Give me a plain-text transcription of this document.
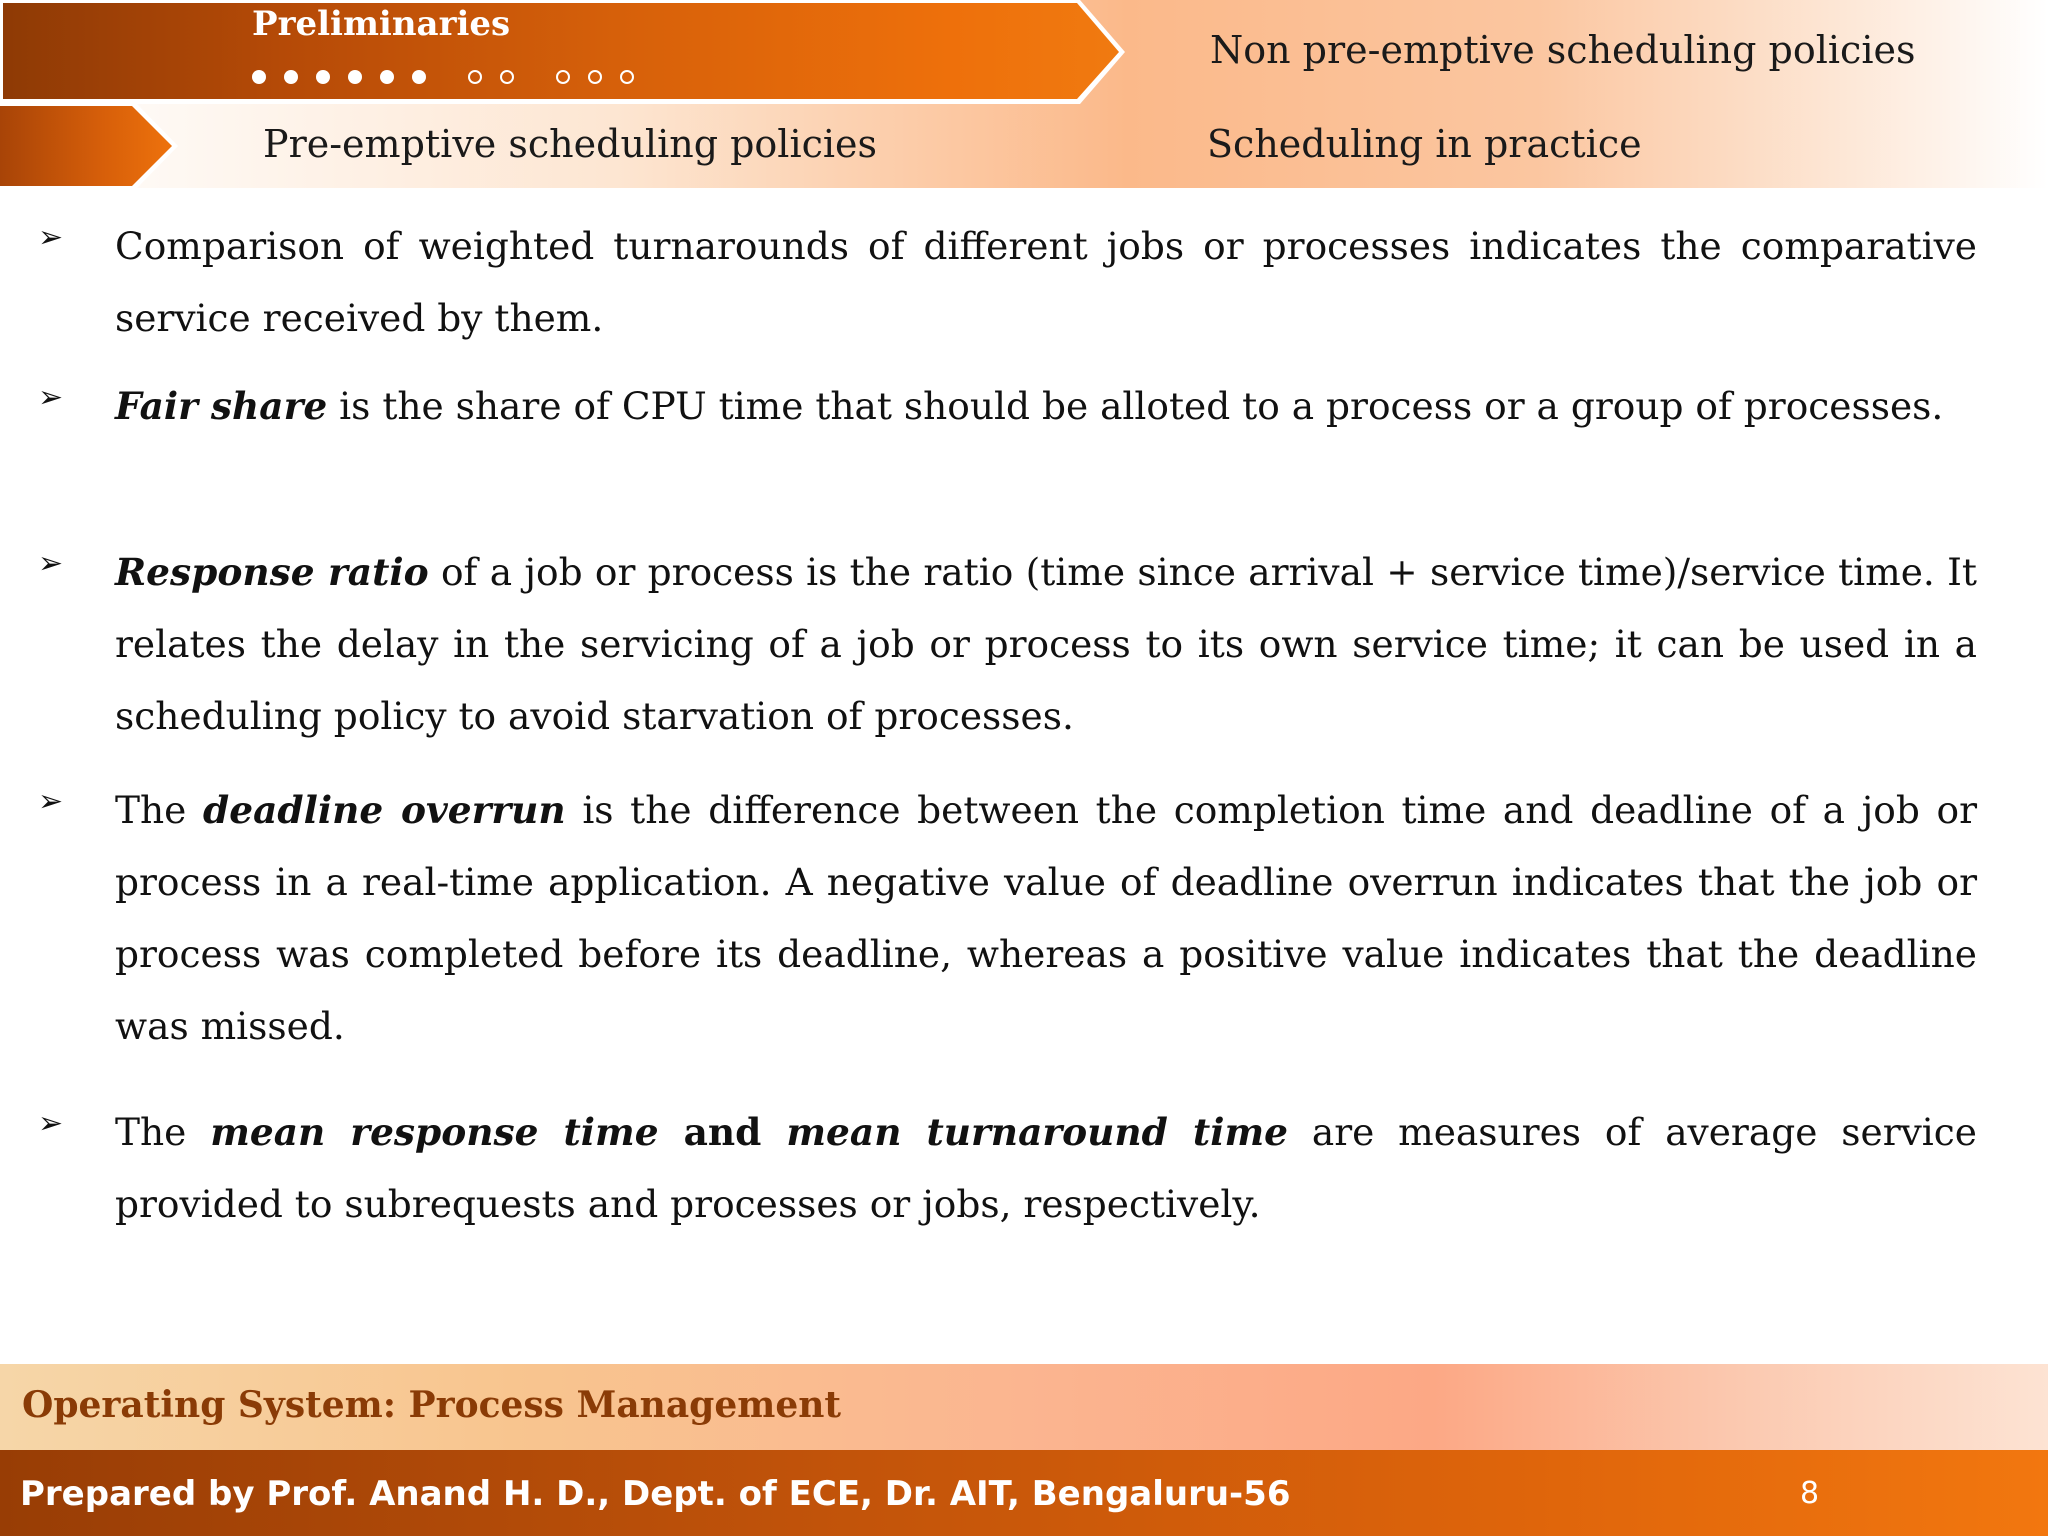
Preliminaries
Non pre-emptive scheduling policies
Pre-emptive scheduling policies	Scheduling in practice
➢ Comparison of weighted turnarounds of different jobs or processes indicates the comparative service received by them.
➢ Fair share is the share of CPU time that should be alloted to a process or a group of processes.
➢ Response ratio of a job or process is the ratio (time since arrival + service time)/service time. It relates the delay in the servicing of a job or process to its own service time; it can be used in a scheduling policy to avoid starvation of processes.
➢ The deadline overrun is the difference between the completion time and deadline of a job or process in a real-time application. A negative value of deadline overrun indicates that the job or process was completed before its deadline, whereas a positive value indicates that the deadline was missed.
➢ The mean response time and mean turnaround time are measures of average service provided to subrequests and processes or jobs, respectively.
Operating System: Process Management
Prepared by Prof. Anand H. D., Dept. of ECE, Dr. AIT, Bengaluru-56	8
